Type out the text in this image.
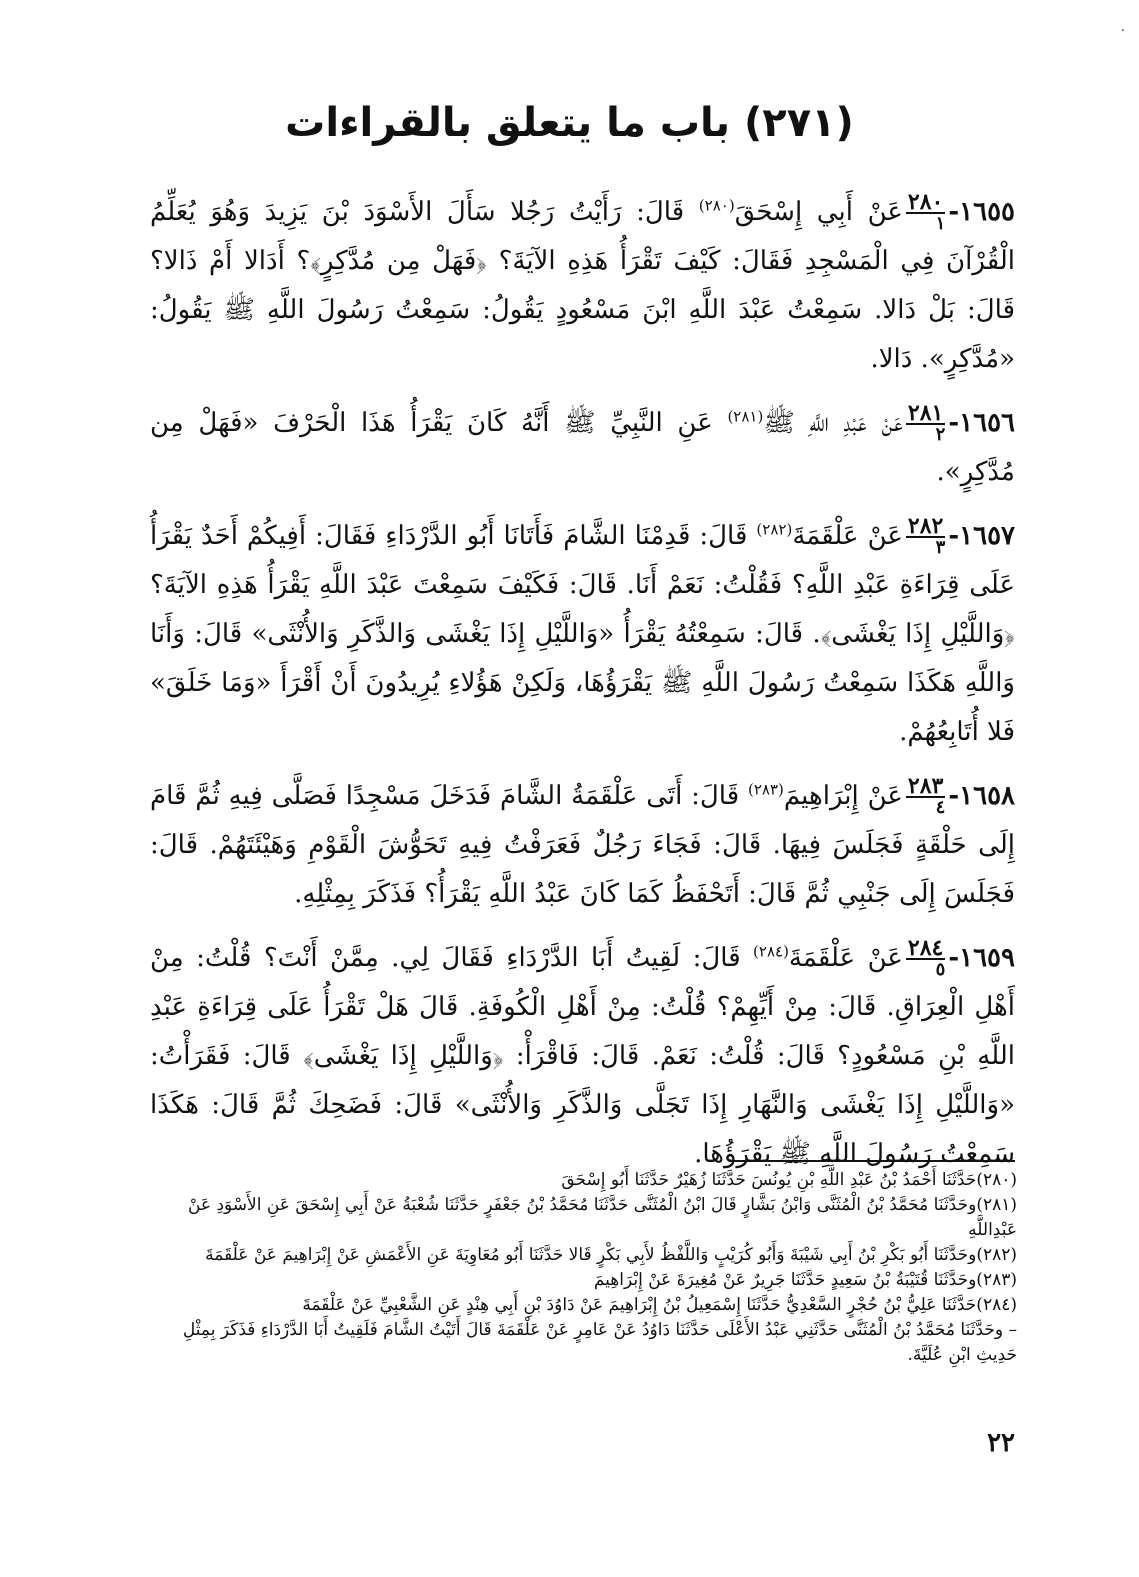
٠
(٢٧١) باب ما يتعلق بالقراءات

١٦٥٥-
$\frac{٢٨٠}{١}$
عَنْ أَبِي إِسْحَقَ$^{(٢٨٠)}$ قَالَ: رَأَيْتُ رَجُلا سَأَلَ الأَسْوَدَ بْنَ يَزِيدَ وَهُوَ يُعَلِّمُ الْقُرْآنَ فِي الْمَسْجِدِ فَقَالَ: كَيْفَ تَقْرَأُ هَذِهِ الآيَةَ؟ ﴿فَهَلْ مِن مُدَّكِرٍ﴾؟ أَدَالا أَمْ ذَالا؟ قَالَ: بَلْ دَالا. سَمِعْتُ عَبْدَ اللَّهِ ابْنَ مَسْعُودٍ يَقُولُ: سَمِعْتُ رَسُولَ اللَّهِ ﷺ يَقُولُ: «مُدَّكِرٍ». دَالا.

١٦٥٦-
$\frac{٢٨١}{٢}$
عَنْ عَبْدِ اللَّهِ ﷺ$^{(٢٨١)}$ عَنِ النَّبِيِّ ﷺ أَنَّهُ كَانَ يَقْرَأُ هَذَا الْحَرْفَ «فَهَلْ مِن مُدَّكِرٍ».

١٦٥٧-
$\frac{٢٨٢}{٣}$
عَنْ عَلْقَمَةَ$^{(٢٨٢)}$ قَالَ: قَدِمْنَا الشَّامَ فَأَتَانَا أَبُو الدَّرْدَاءِ فَقَالَ: أَفِيكُمْ أَحَدٌ يَقْرَأُ عَلَى قِرَاءَةِ عَبْدِ اللَّهِ؟ فَقُلْتُ: نَعَمْ أَنَا. قَالَ: فَكَيْفَ سَمِعْتَ عَبْدَ اللَّهِ يَقْرَأُ هَذِهِ الآيَةَ؟ ﴿وَاللَّيْلِ إِذَا يَغْشَى﴾. قَالَ: سَمِعْتُهُ يَقْرَأُ «وَاللَّيْلِ إِذَا يَغْشَى وَالذَّكَرِ وَالأُنْثَى» قَالَ: وَأَنَا وَاللَّهِ هَكَذَا سَمِعْتُ رَسُولَ اللَّهِ ﷺ يَقْرَؤُهَا، وَلَكِنْ هَؤُلاءِ يُرِيدُونَ أَنْ أَقْرَأَ «وَمَا خَلَقَ» فَلا أُتَابِعُهُمْ.

١٦٥٨-
$\frac{٢٨٣}{٤}$
عَنْ إِبْرَاهِيمَ$^{(٢٨٣)}$ قَالَ: أَتَى عَلْقَمَةُ الشَّامَ فَدَخَلَ مَسْجِدًا فَصَلَّى فِيهِ ثُمَّ قَامَ إِلَى حَلْقَةٍ فَجَلَسَ فِيهَا. قَالَ: فَجَاءَ رَجُلٌ فَعَرَفْتُ فِيهِ تَحَوُّشَ الْقَوْمِ وَهَيْئَتَهُمْ. قَالَ: فَجَلَسَ إِلَى جَنْبِي ثُمَّ قَالَ: أَتَحْفَظُ كَمَا كَانَ عَبْدُ اللَّهِ يَقْرَأُ؟ فَذَكَرَ بِمِثْلِهِ.

١٦٥٩-
$\frac{٢٨٤}{٥}$
عَنْ عَلْقَمَةَ$^{(٢٨٤)}$ قَالَ: لَقِيتُ أَبَا الدَّرْدَاءِ فَقَالَ لِي. مِمَّنْ أَنْتَ؟ قُلْتُ: مِنْ أَهْلِ الْعِرَاقِ. قَالَ: مِنْ أَيِّهِمْ؟ قُلْتُ: مِنْ أَهْلِ الْكُوفَةِ. قَالَ هَلْ تَقْرَأُ عَلَى قِرَاءَةِ عَبْدِ اللَّهِ بْنِ مَسْعُودٍ؟ قَالَ: قُلْتُ: نَعَمْ. قَالَ: فَاقْرَأْ: ﴿وَاللَّيْلِ إِذَا يَغْشَى﴾ قَالَ: فَقَرَأْتُ: «وَاللَّيْلِ إِذَا يَغْشَى وَالنَّهَارِ إِذَا تَجَلَّى وَالذَّكَرِ وَالأُنْثَى» قَالَ: فَضَحِكَ ثُمَّ قَالَ: هَكَذَا سَمِعْتُ رَسُولَ اللَّهِ ﷺ يَقْرَؤُهَا.

(٢٨٠)حَدَّثَنَا أَحْمَدُ بْنُ عَبْدِ اللَّهِ بْنِ يُونُسَ حَدَّثَنَا زُهَيْرٌ حَدَّثَنَا أَبُو إِسْحَقَ

(٢٨١)وحَدَّثَنَا مُحَمَّدُ بْنُ الْمُثَنَّى وَابْنُ بَشَّارٍ قَالَ ابْنُ الْمُثَنَّى حَدَّثَنَا مُحَمَّدُ بْنُ جَعْفَرٍ حَدَّثَنَا شُعْبَةُ عَنْ أَبِي إِسْحَقَ عَنِ الأَسْوَدِ عَنْ عَبْدِاللَّهِ

(٢٨٢)وحَدَّثَنَا أَبُو بَكْرِ بْنُ أَبِي شَيْبَةَ وَأَبُو كُرَيْبٍ وَاللَّفْظُ لأَبِي بَكْرٍ قَالا حَدَّثَنَا أَبُو مُعَاوِيَةَ عَنِ الأَعْمَشِ عَنْ إِبْرَاهِيمَ عَنْ عَلْقَمَةَ

(٢٨٣)وحَدَّثَنَا قُتَيْبَةُ بْنُ سَعِيدٍ حَدَّثَنَا جَرِيرٌ عَنْ مُغِيرَةَ عَنْ إِبْرَاهِيمَ

(٢٨٤)حَدَّثَنَا عَلِيُّ بْنُ حُجْرٍ السَّعْدِيُّ حَدَّثَنَا إِسْمَعِيلُ بْنُ إِبْرَاهِيمَ عَنْ دَاوُدَ بْنِ أَبِي هِنْدٍ عَنِ الشَّعْبِيِّ عَنْ عَلْقَمَةَ

– وحَدَّثَنَا مُحَمَّدُ بْنُ الْمُثَنَّى حَدَّثَنِي عَبْدُ الأَعْلَى حَدَّثَنَا دَاوُدُ عَنْ عَامِرٍ عَنْ عَلْقَمَةَ قَالَ أَتَيْتُ الشَّامَ فَلَقِيتُ أَبَا الدَّرْدَاءِ فَذَكَرَ بِمِثْلِ حَدِيثِ ابْنِ عُلَيَّةَ.

٢٢
